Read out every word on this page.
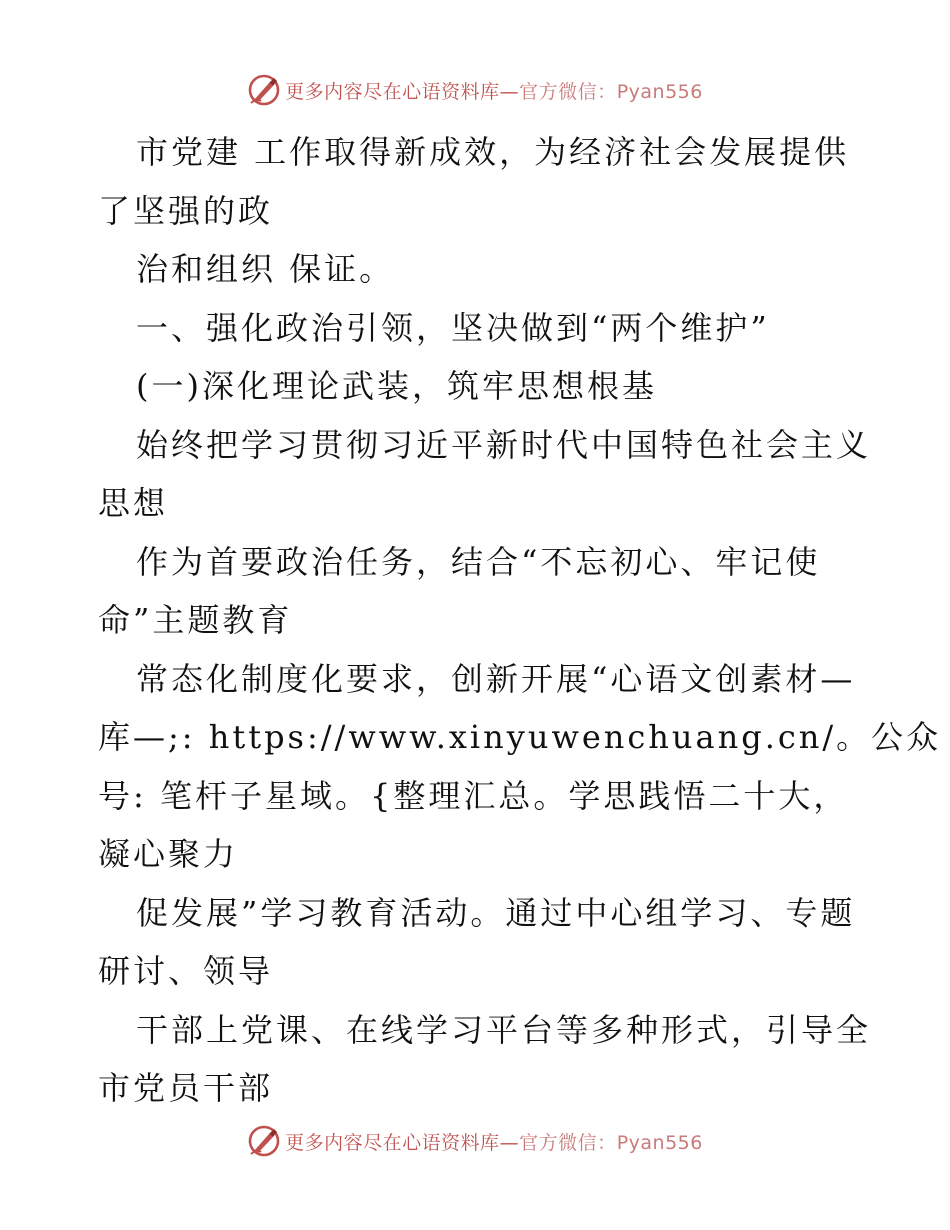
更多内容尽在心语资料库—官方微信：Pyan556
市党建 工作取得新成效，为经济社会发展提供
了坚强的政
治和组织 保证。
一、强化政治引领，坚决做到“两个维护”
(一)深化理论武装，筑牢思想根基
始终把学习贯彻习近平新时代中国特色社会主义
思想
作为首要政治任务，结合“不忘初心、牢记使
命”主题教育
常态化制度化要求，创新开展“心语文创素材—
库—;: https://www.xinyuwenchuang.cn/。公众
号: 笔杆子星域。{整理汇总。学思践悟二十大，
凝心聚力
促发展”学习教育活动。通过中心组学习、专题
研讨、领导
干部上党课、在线学习平台等多种形式，引导全
市党员干部
更多内容尽在心语资料库—官方微信：Pyan556
